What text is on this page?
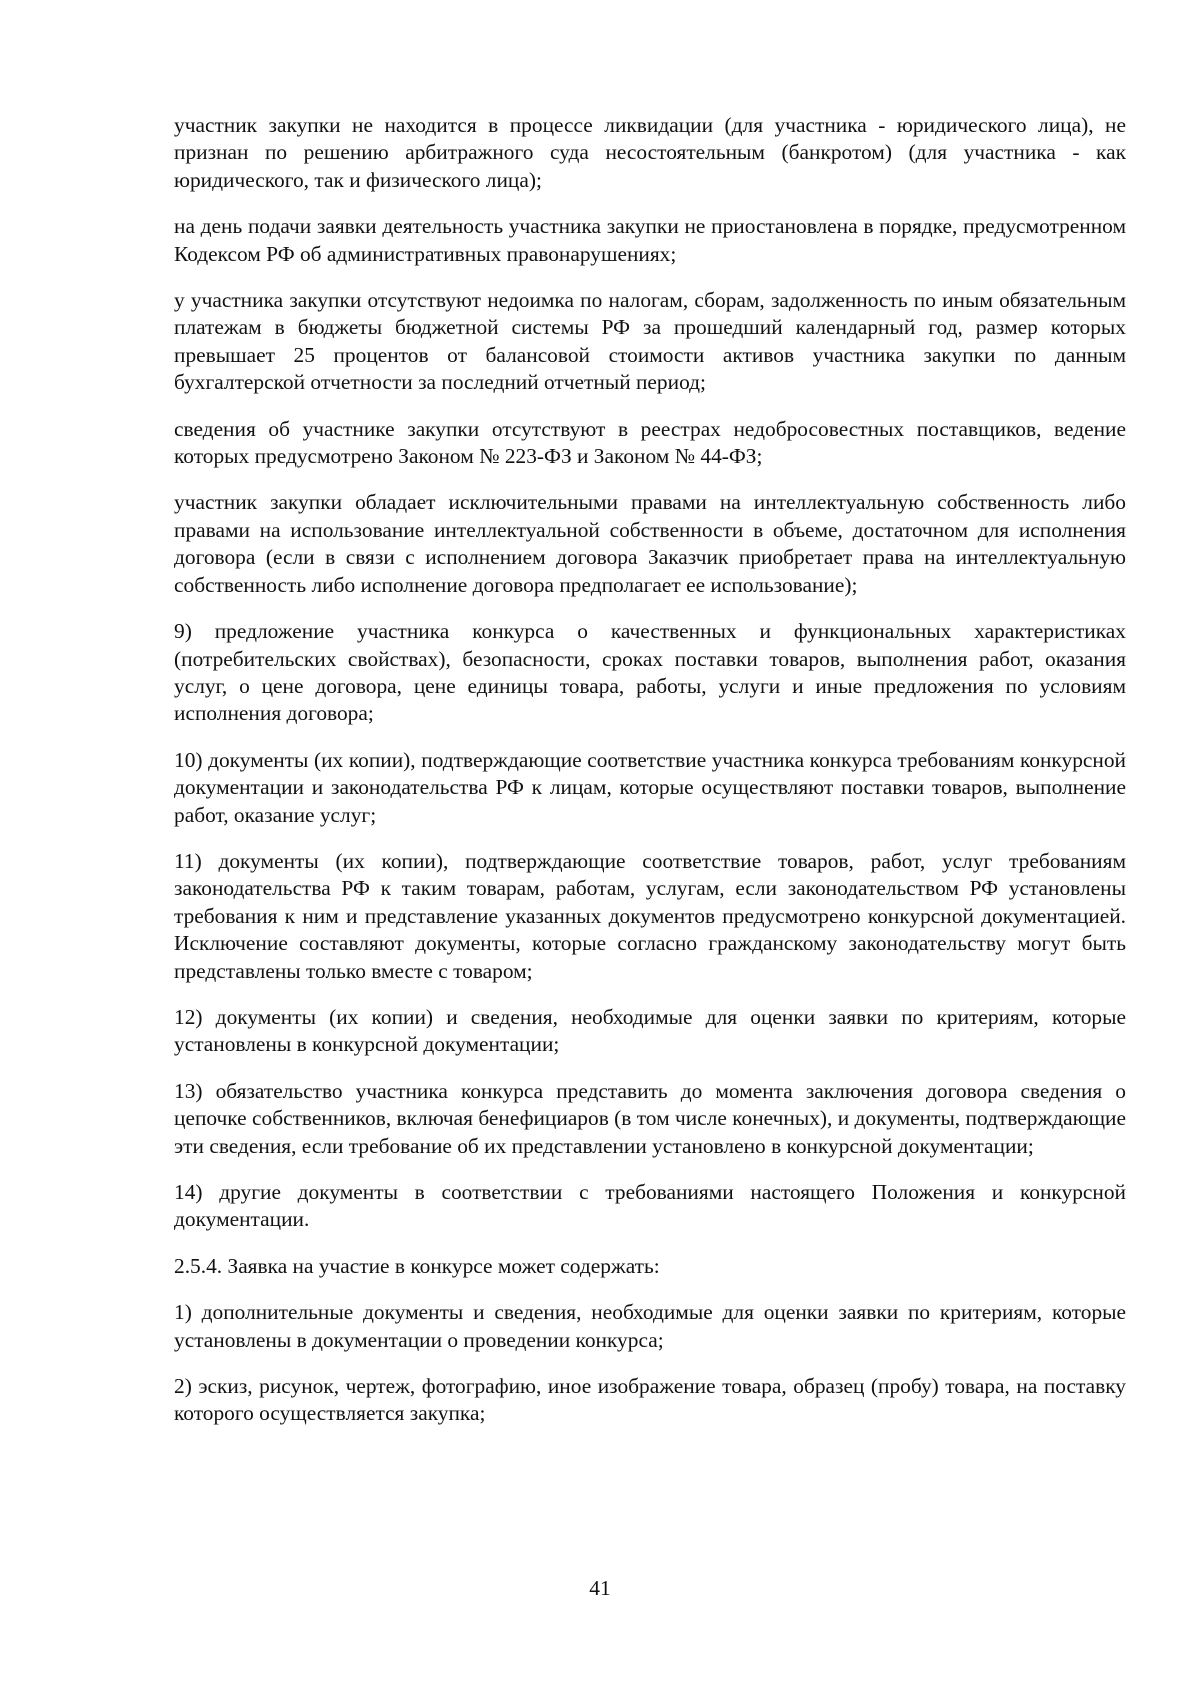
участник закупки не находится в процессе ликвидации (для участника - юридического лица), не признан по решению арбитражного суда несостоятельным (банкротом) (для участника - как юридического, так и физического лица);

на день подачи заявки деятельность участника закупки не приостановлена в порядке, предусмотренном Кодексом РФ об административных правонарушениях;

у участника закупки отсутствуют недоимка по налогам, сборам, задолженность по иным обязательным платежам в бюджеты бюджетной системы РФ за прошедший календарный год, размер которых превышает 25 процентов от балансовой стоимости активов участника закупки по данным бухгалтерской отчетности за последний отчетный период;

сведения об участнике закупки отсутствуют в реестрах недобросовестных поставщиков, ведение которых предусмотрено Законом № 223-ФЗ и Законом № 44-ФЗ;

участник закупки обладает исключительными правами на интеллектуальную собственность либо правами на использование интеллектуальной собственности в объеме, достаточном для исполнения договора (если в связи с исполнением договора Заказчик приобретает права на интеллектуальную собственность либо исполнение договора предполагает ее использование);

9) предложение участника конкурса о качественных и функциональных характеристиках (потребительских свойствах), безопасности, сроках поставки товаров, выполнения работ, оказания услуг, о цене договора, цене единицы товара, работы, услуги и иные предложения по условиям исполнения договора;

10) документы (их копии), подтверждающие соответствие участника конкурса требованиям конкурсной документации и законодательства РФ к лицам, которые осуществляют поставки товаров, выполнение работ, оказание услуг;

11) документы (их копии), подтверждающие соответствие товаров, работ, услуг требованиям законодательства РФ к таким товарам, работам, услугам, если законодательством РФ установлены требования к ним и представление указанных документов предусмотрено конкурсной документацией. Исключение составляют документы, которые согласно гражданскому законодательству могут быть представлены только вместе с товаром;

12) документы (их копии) и сведения, необходимые для оценки заявки по критериям, которые установлены в конкурсной документации;

13) обязательство участника конкурса представить до момента заключения договора сведения о цепочке собственников, включая бенефициаров (в том числе конечных), и документы, подтверждающие эти сведения, если требование об их представлении установлено в конкурсной документации;

14) другие документы в соответствии с требованиями настоящего Положения и конкурсной документации.

2.5.4. Заявка на участие в конкурсе может содержать:

1) дополнительные документы и сведения, необходимые для оценки заявки по критериям, которые установлены в документации о проведении конкурса;

2) эскиз, рисунок, чертеж, фотографию, иное изображение товара, образец (пробу) товара, на поставку которого осуществляется закупка;

41
